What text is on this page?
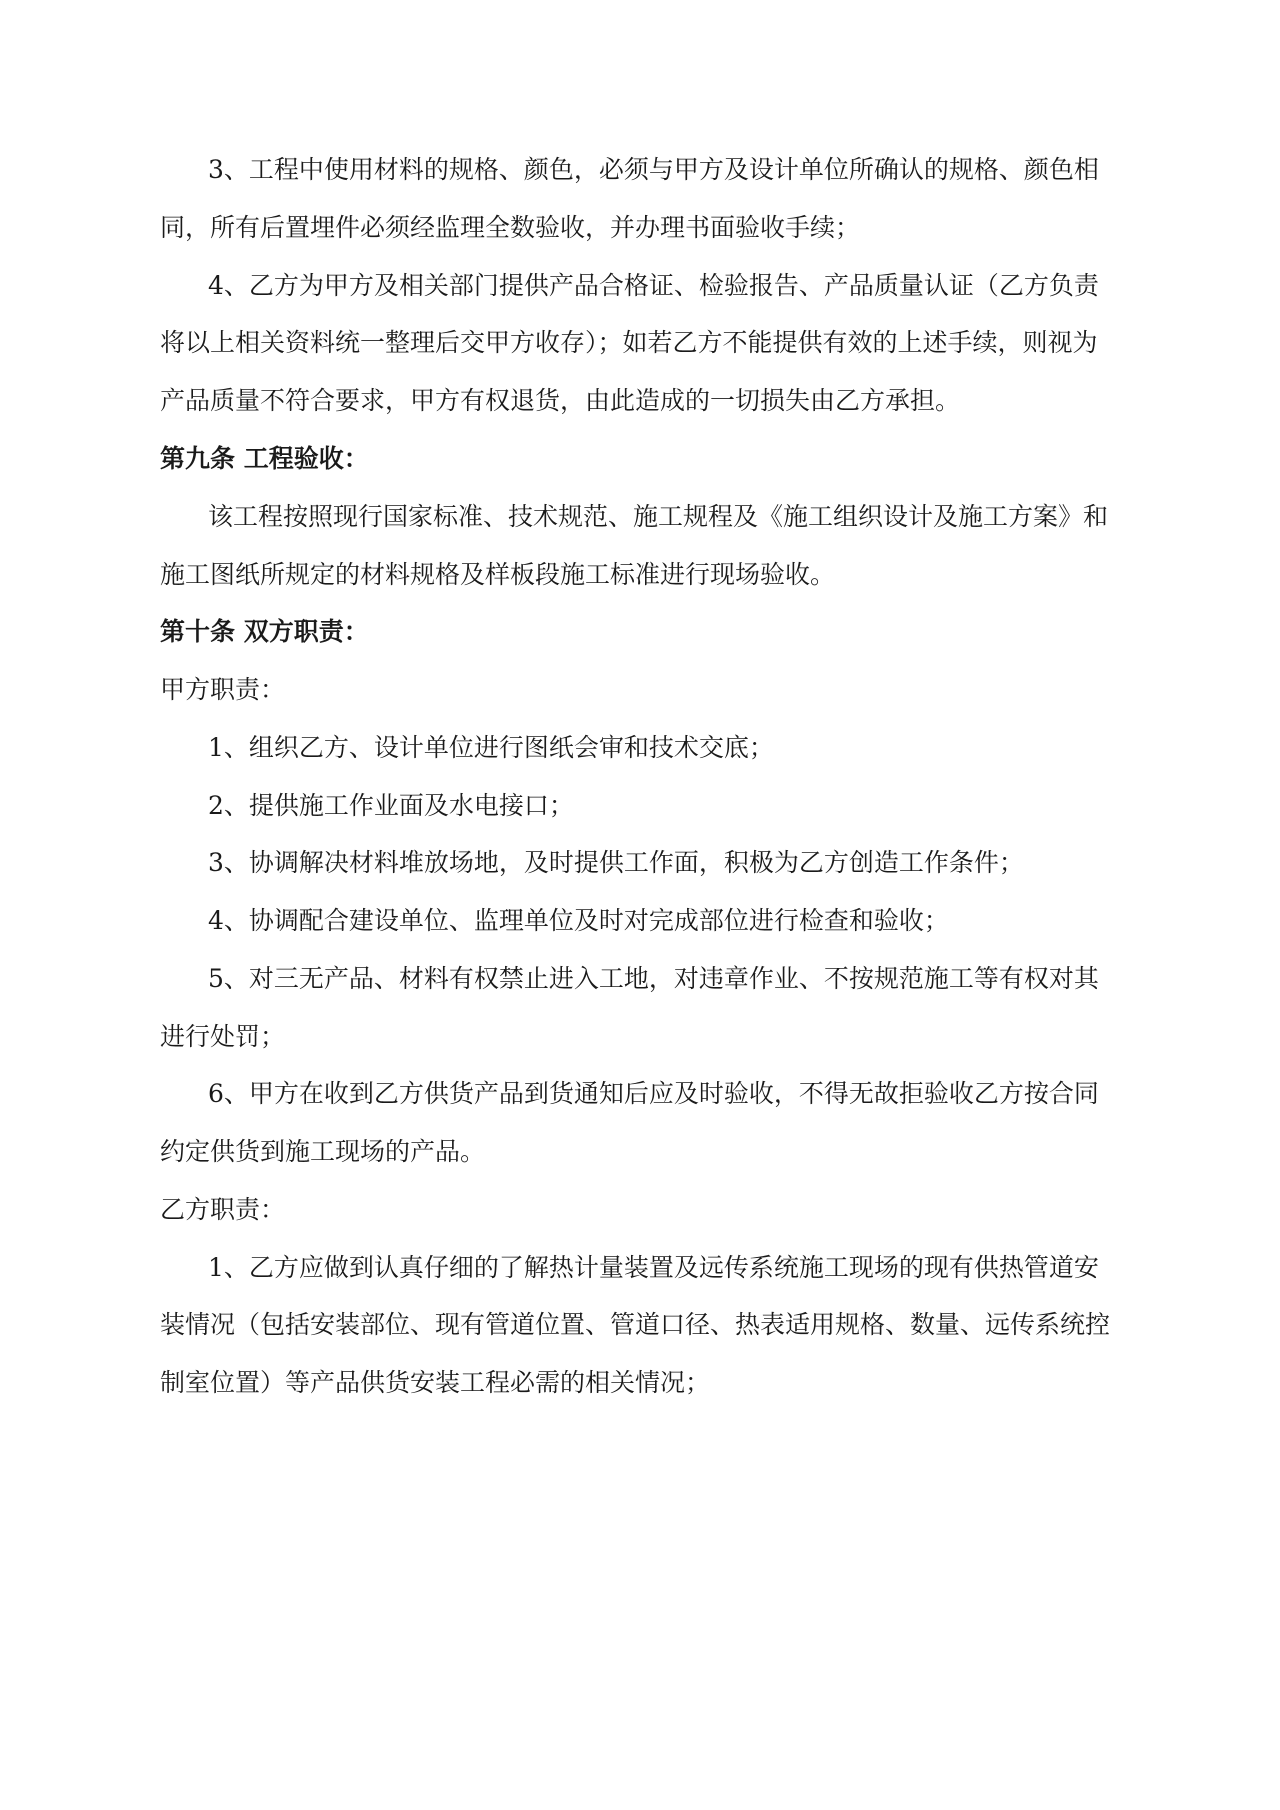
3、工程中使用材料的规格、颜色，必须与甲方及设计单位所确认的规格、颜色相
同，所有后置埋件必须经监理全数验收，并办理书面验收手续；
4、乙方为甲方及相关部门提供产品合格证、检验报告、产品质量认证（乙方负责
将以上相关资料统一整理后交甲方收存）；如若乙方不能提供有效的上述手续，则视为
产品质量不符合要求，甲方有权退货，由此造成的一切损失由乙方承担。
第九条 工程验收：
该工程按照现行国家标准、技术规范、施工规程及《施工组织设计及施工方案》和
施工图纸所规定的材料规格及样板段施工标准进行现场验收。
第十条 双方职责：
甲方职责：
1、组织乙方、设计单位进行图纸会审和技术交底；
2、提供施工作业面及水电接口；
3、协调解决材料堆放场地，及时提供工作面，积极为乙方创造工作条件；
4、协调配合建设单位、监理单位及时对完成部位进行检查和验收；
5、对三无产品、材料有权禁止进入工地，对违章作业、不按规范施工等有权对其
进行处罚；
6、甲方在收到乙方供货产品到货通知后应及时验收，不得无故拒验收乙方按合同
约定供货到施工现场的产品。
乙方职责：
1、乙方应做到认真仔细的了解热计量装置及远传系统施工现场的现有供热管道安
装情况（包括安装部位、现有管道位置、管道口径、热表适用规格、数量、远传系统控
制室位置）等产品供货安装工程必需的相关情况；
